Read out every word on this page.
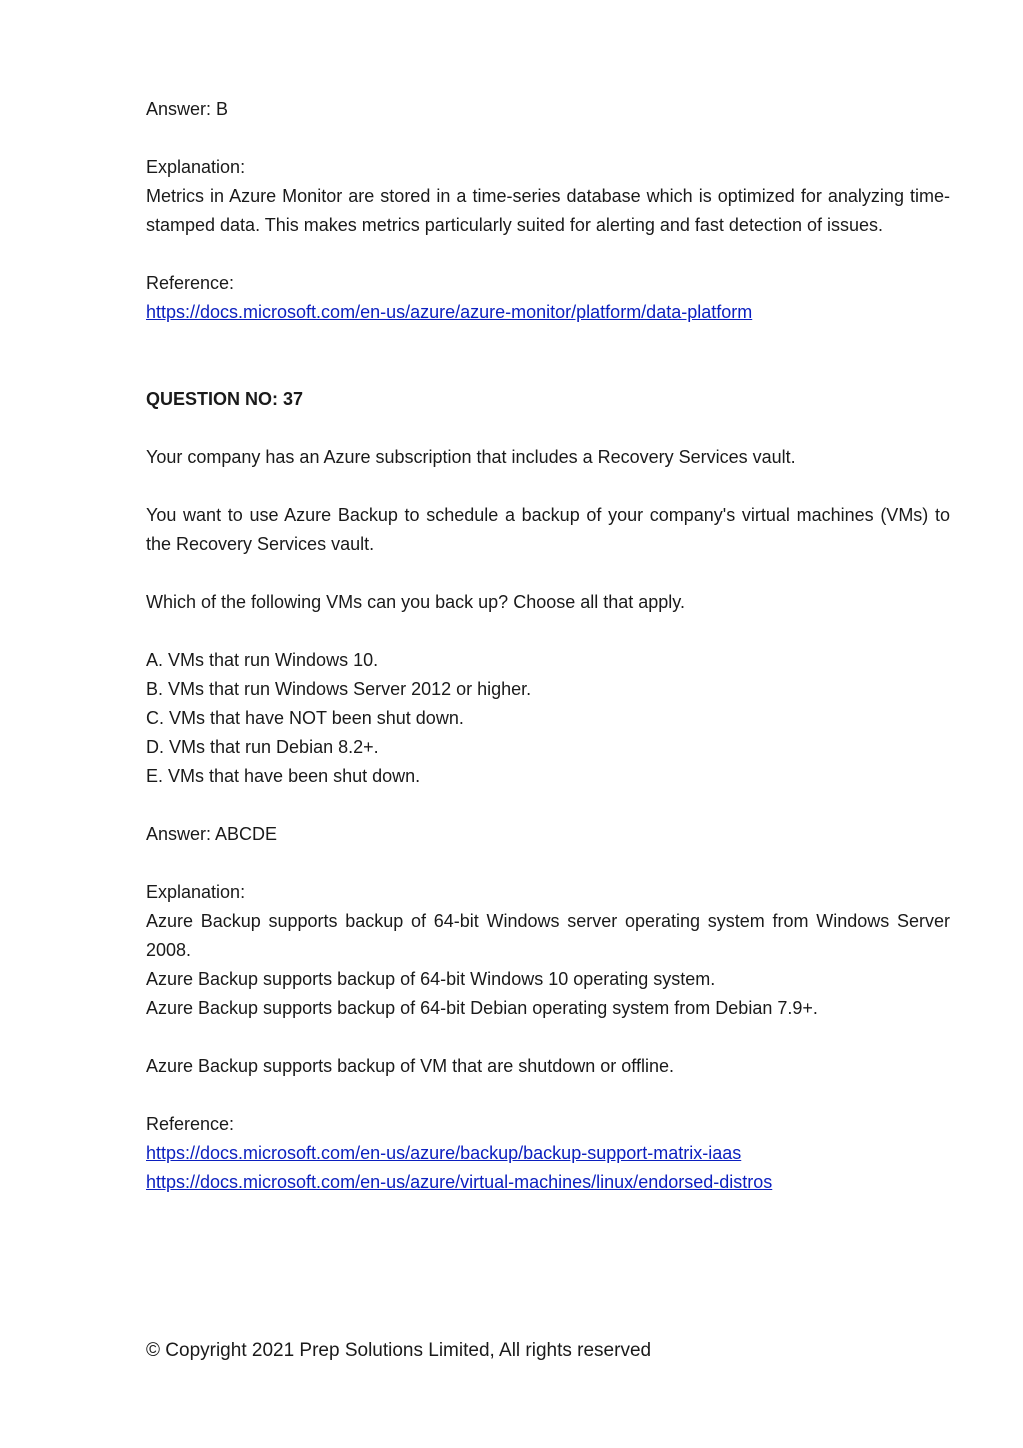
Answer: B
Explanation:
Metrics in Azure Monitor are stored in a time-series database which is optimized for analyzing time-stamped data. This makes metrics particularly suited for alerting and fast detection of issues.
Reference:
https://docs.microsoft.com/en-us/azure/azure-monitor/platform/data-platform
QUESTION NO: 37
Your company has an Azure subscription that includes a Recovery Services vault.
You want to use Azure Backup to schedule a backup of your company's virtual machines (VMs) to the Recovery Services vault.
Which of the following VMs can you back up? Choose all that apply.
A. VMs that run Windows 10.
B. VMs that run Windows Server 2012 or higher.
C. VMs that have NOT been shut down.
D. VMs that run Debian 8.2+.
E. VMs that have been shut down.
Answer: ABCDE
Explanation:
Azure Backup supports backup of 64-bit Windows server operating system from Windows Server 2008.
Azure Backup supports backup of 64-bit Windows 10 operating system.
Azure Backup supports backup of 64-bit Debian operating system from Debian 7.9+.
Azure Backup supports backup of VM that are shutdown or offline.
Reference:
https://docs.microsoft.com/en-us/azure/backup/backup-support-matrix-iaas
https://docs.microsoft.com/en-us/azure/virtual-machines/linux/endorsed-distros
© Copyright 2021 Prep Solutions Limited, All rights reserved
